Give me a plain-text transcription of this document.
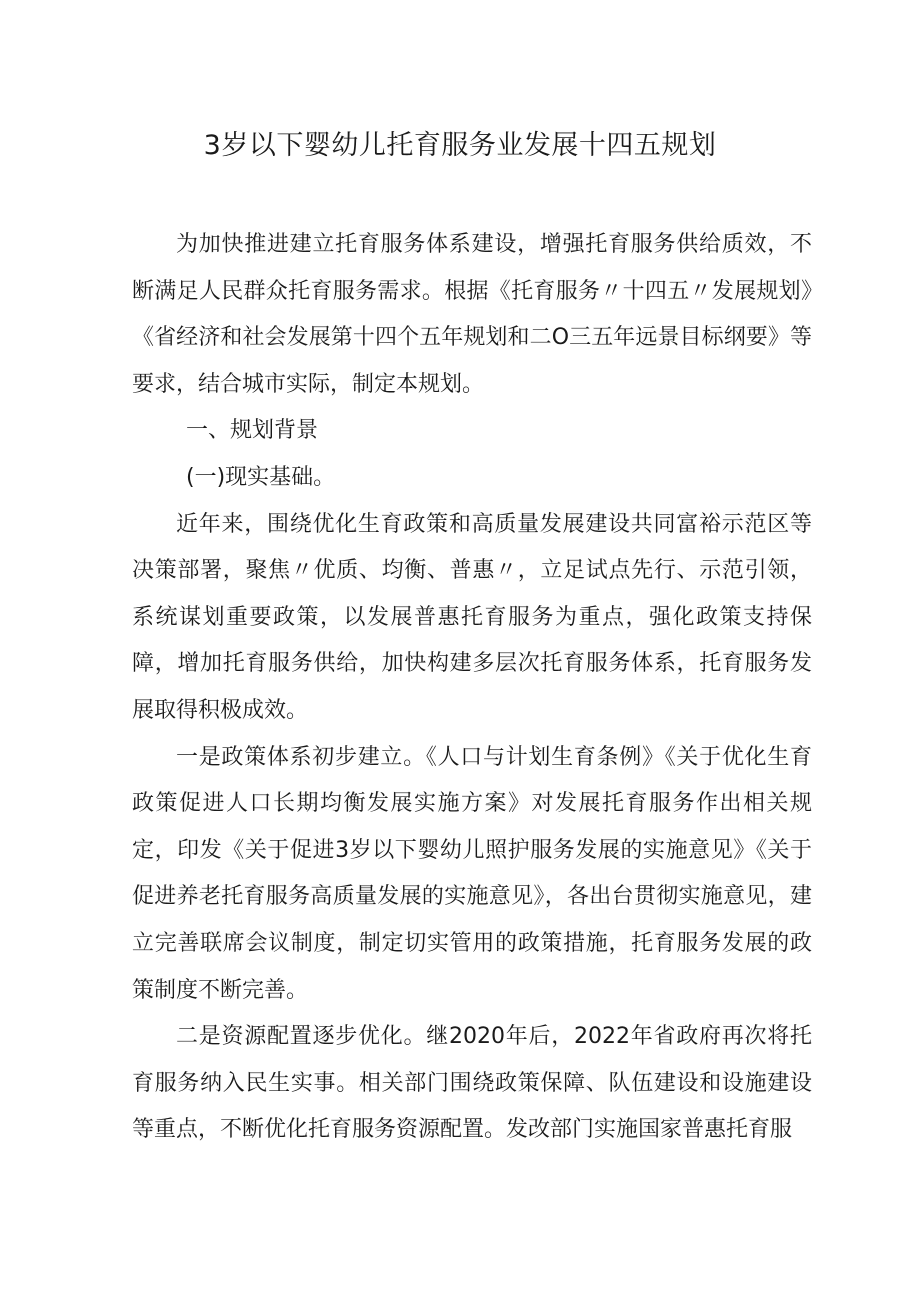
3岁以下婴幼儿托育服务业发展十四五规划

为加快推进建立托育服务体系建设，增强托育服务供给质效，不断满足人民群众托育服务需求。根据《托育服务〃十四五〃发展规划》《省经济和社会发展第十四个五年规划和二O三五年远景目标纲要》等要求，结合城市实际，制定本规划。

一、规划背景

(一)现实基础。

近年来，围绕优化生育政策和高质量发展建设共同富裕示范区等决策部署，聚焦〃优质、均衡、普惠〃，立足试点先行、示范引领，系统谋划重要政策，以发展普惠托育服务为重点，强化政策支持保障，增加托育服务供给，加快构建多层次托育服务体系，托育服务发展取得积极成效。

一是政策体系初步建立。《人口与计划生育条例》《关于优化生育政策促进人口长期均衡发展实施方案》对发展托育服务作出相关规定，印发《关于促进3岁以下婴幼儿照护服务发展的实施意见》《关于促进养老托育服务高质量发展的实施意见》，各出台贯彻实施意见，建立完善联席会议制度，制定切实管用的政策措施，托育服务发展的政策制度不断完善。

二是资源配置逐步优化。继2020年后，2022年省政府再次将托育服务纳入民生实事。相关部门围绕政策保障、队伍建设和设施建设等重点，不断优化托育服务资源配置。发改部门实施国家普惠托育服
